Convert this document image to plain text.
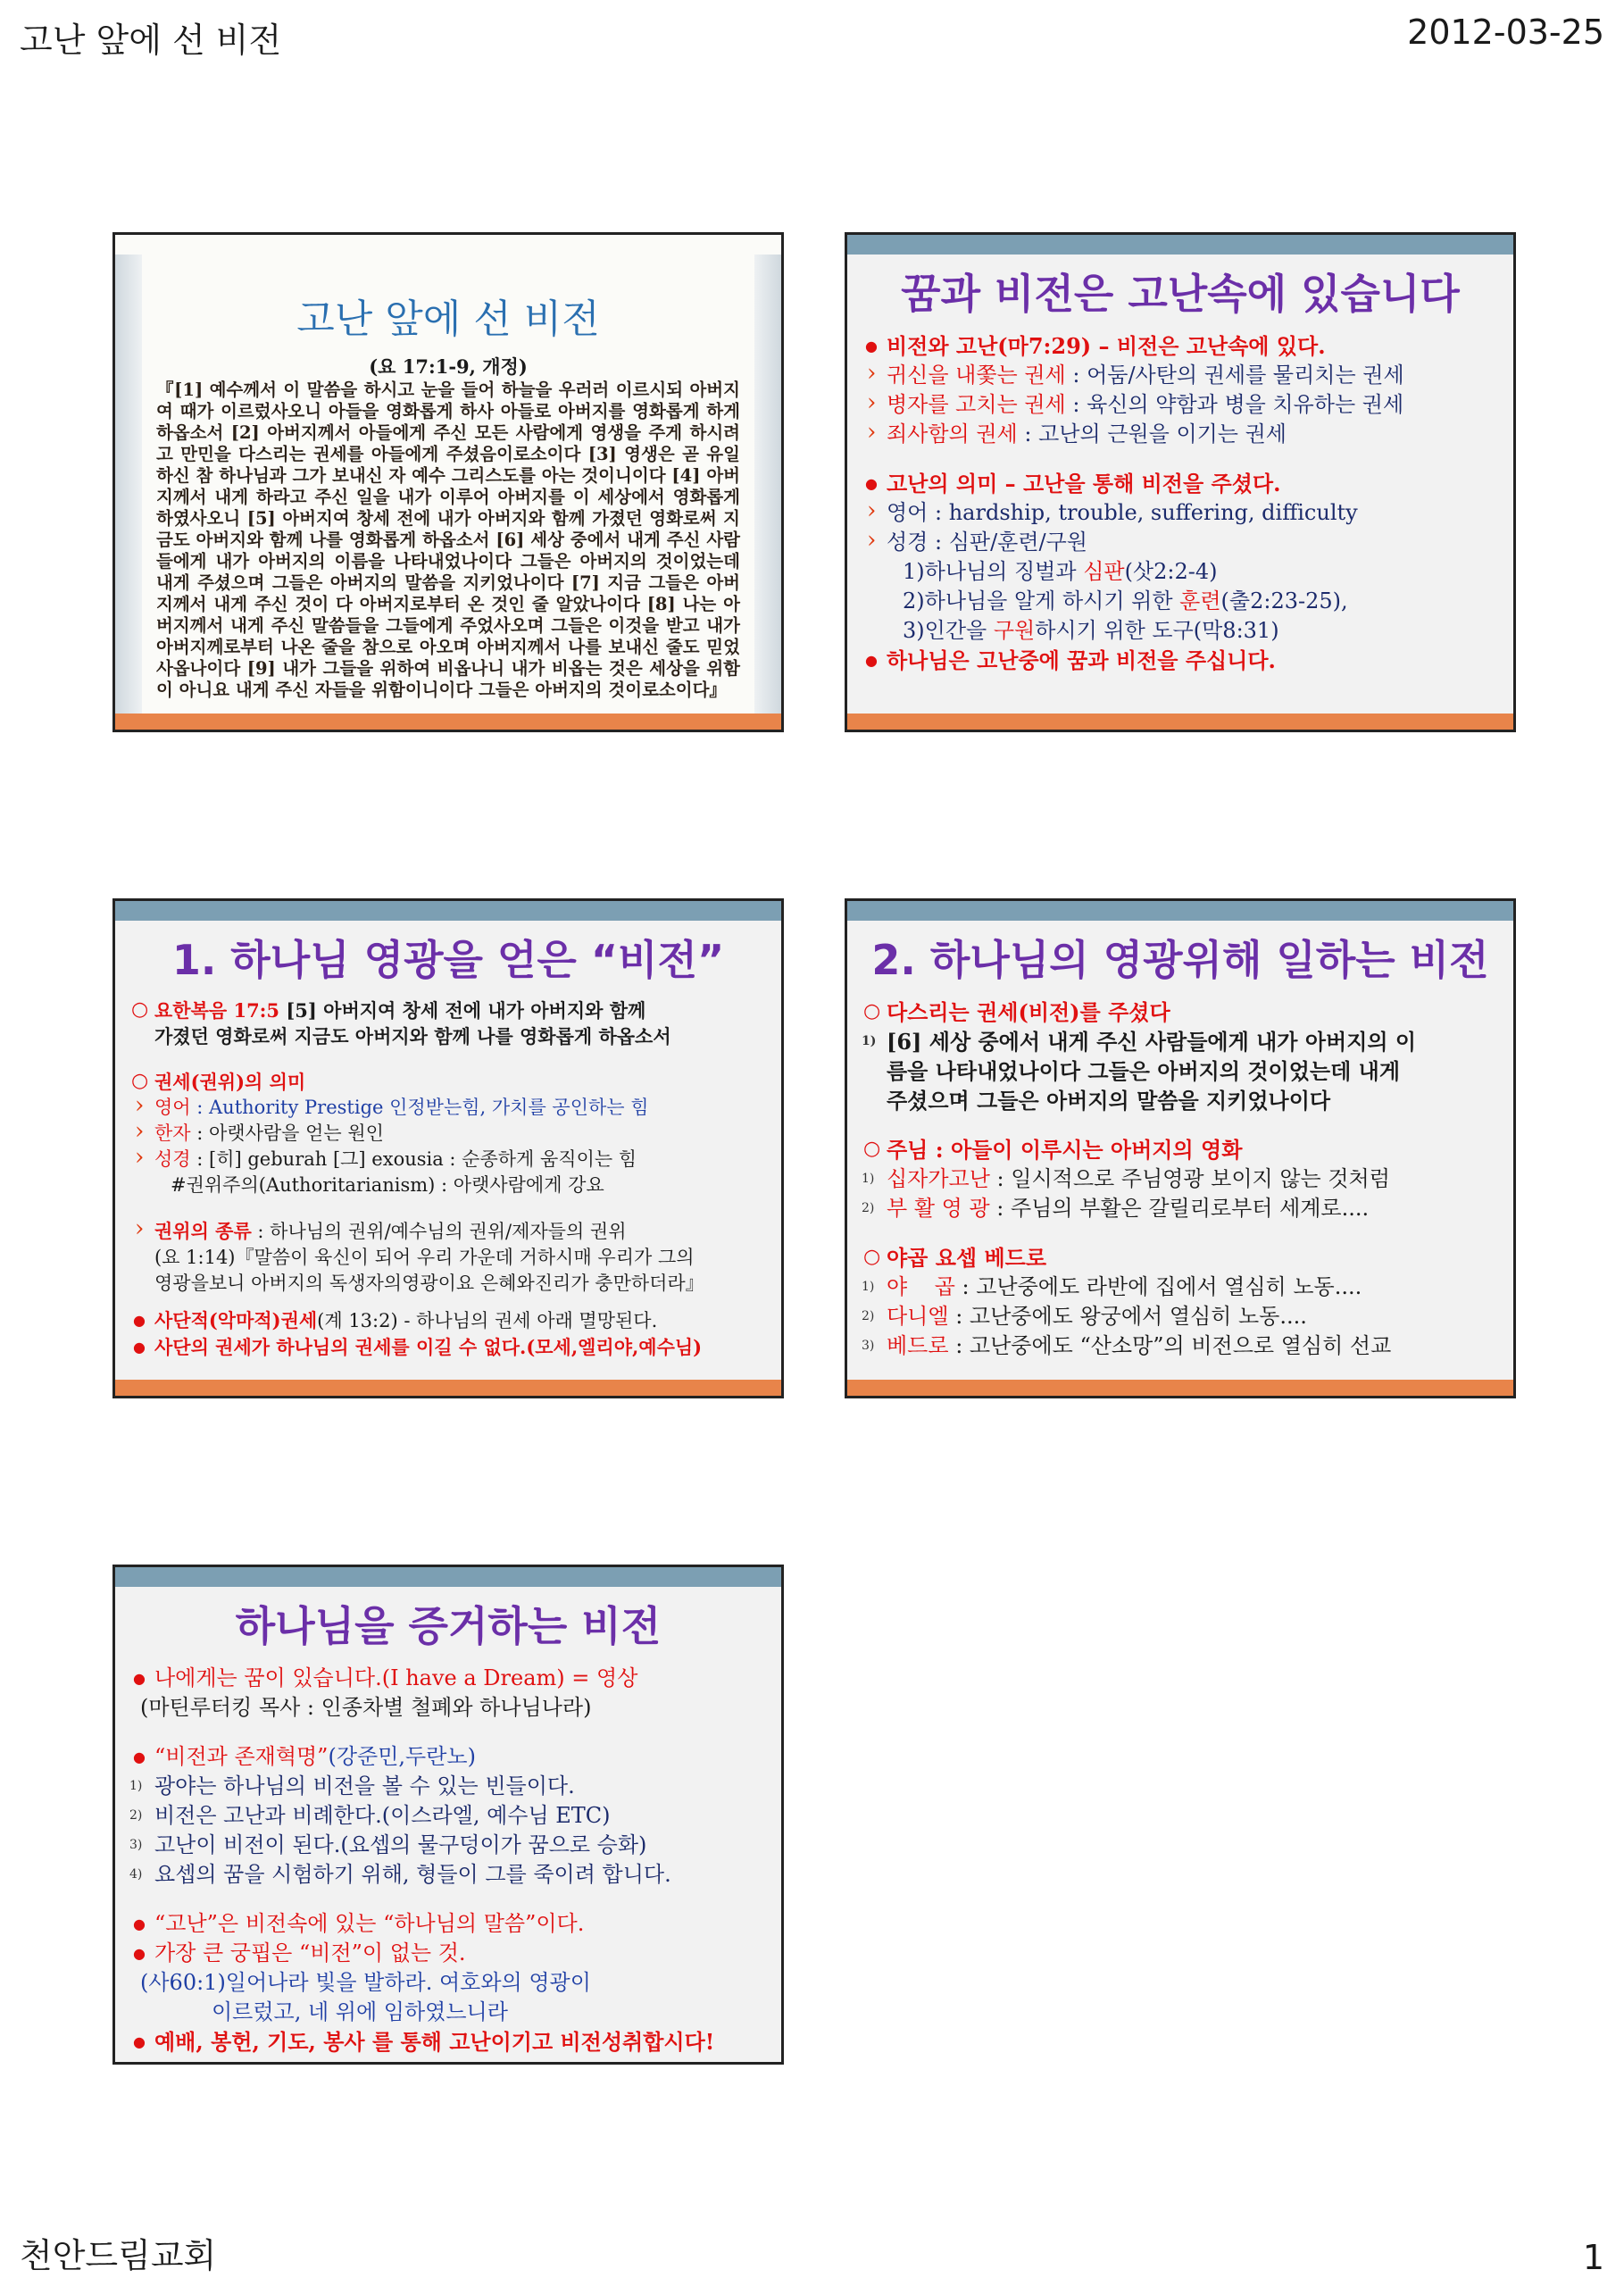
고난 앞에 선 비전	2012-03-25
고난 앞에 선 비전
(요 17:1-9, 개정)
『[1] 예수께서 이 말씀을 하시고 눈을 들어 하늘을 우러러 이르시되 아버지여 때가 이르렀사오니 아들을 영화롭게 하사 아들로 아버지를 영화롭게 하게 하옵소서 [2] 아버지께서 아들에게 주신 모든 사람에게 영생을 주게 하시려고 만민을 다스리는 권세를 아들에게 주셨음이로소이다 [3] 영생은 곧 유일하신 참 하나님과 그가 보내신 자 예수 그리스도를 아는 것이니이다 [4] 아버지께서 내게 하라고 주신 일을 내가 이루어 아버지를 이 세상에서 영화롭게 하였사오니 [5] 아버지여 창세 전에 내가 아버지와 함께 가졌던 영화로써 지금도 아버지와 함께 나를 영화롭게 하옵소서 [6] 세상 중에서 내게 주신 사람들에게 내가 아버지의 이름을 나타내었나이다 그들은 아버지의 것이었는데 내게 주셨으며 그들은 아버지의 말씀을 지키었나이다 [7] 지금 그들은 아버지께서 내게 주신 것이 다 아버지로부터 온 것인 줄 알았나이다 [8] 나는 아버지께서 내게 주신 말씀들을 그들에게 주었사오며 그들은 이것을 받고 내가 아버지께로부터 나온 줄을 참으로 아오며 아버지께서 나를 보내신 줄도 믿었사옵나이다 [9] 내가 그들을 위하여 비옵나니 내가 비옵는 것은 세상을 위함이 아니요 내게 주신 자들을 위함이니이다 그들은 아버지의 것이로소이다』
꿈과 비전은 고난속에 있습니다
● 비전와 고난(마7:29) – 비전은 고난속에 있다.
› 귀신을 내쫓는 권세 : 어둠/사탄의 권세를 물리치는 권세
› 병자를 고치는 권세 : 육신의 약함과 병을 치유하는 권세
› 죄사함의 권세 : 고난의 근원을 이기는 권세
● 고난의 의미 – 고난을 통해 비전을 주셨다.
› 영어 : hardship, trouble, suffering, difficulty
› 성경 : 심판/훈련/구원
1)하나님의 징벌과 심판(삿2:2-4)
2)하나님을 알게 하시기 위한 훈련(출2:23-25),
3)인간을 구원하시기 위한 도구(막8:31)
● 하나님은 고난중에 꿈과 비전을 주십니다.
1. 하나님 영광을 얻은 “비전”
○ 요한복음 17:5 [5] 아버지여 창세 전에 내가 아버지와 함께
가졌던 영화로써 지금도 아버지와 함께 나를 영화롭게 하옵소서
○ 권세(권위)의 의미
› 영어 : Authority Prestige 인정받는힘, 가치를 공인하는 힘
› 한자 : 아랫사람을 얻는 원인
› 성경 : [히] geburah [그] exousia : 순종하게 움직이는 힘
#권위주의(Authoritarianism) : 아랫사람에게 강요
› 권위의 종류 : 하나님의 권위/예수님의 권위/제자들의 권위
(요 1:14)『말씀이 육신이 되어 우리 가운데 거하시매 우리가 그의
영광을보니 아버지의 독생자의영광이요 은혜와진리가 충만하더라』
● 사단적(악마적)권세(계 13:2) - 하나님의 권세 아래 멸망된다.
● 사단의 권세가 하나님의 권세를 이길 수 없다.(모세,엘리야,예수님)
2. 하나님의 영광위해 일하는 비전
○ 다스리는 권세(비전)를 주셨다
1) [6] 세상 중에서 내게 주신 사람들에게 내가 아버지의 이
름을 나타내었나이다 그들은 아버지의 것이었는데 내게
주셨으며 그들은 아버지의 말씀을 지키었나이다
○ 주님 : 아들이 이루시는 아버지의 영화
1) 십자가고난 : 일시적으로 주님영광 보이지 않는 것처럼
2) 부 활 영 광 : 주님의 부활은 갈릴리로부터 세계로....
○ 야곱 요셉 베드로
1) 야    곱 : 고난중에도 라반에 집에서 열심히 노동....
2) 다니엘 : 고난중에도 왕궁에서 열심히 노동....
3) 베드로 : 고난중에도 “산소망”의 비전으로 열심히 선교
하나님을 증거하는 비전
● 나에게는 꿈이 있습니다.(I have a Dream) = 영상
(마틴루터킹 목사 : 인종차별 철폐와 하나님나라)
● “비전과 존재혁명”(강준민,두란노)
1) 광야는 하나님의 비전을 볼 수 있는 빈들이다.
2) 비전은 고난과 비례한다.(이스라엘, 예수님 ETC)
3) 고난이 비전이 된다.(요셉의 물구덩이가 꿈으로 승화)
4) 요셉의 꿈을 시험하기 위해, 형들이 그를 죽이려 합니다.
● “고난”은 비전속에 있는 “하나님의 말씀”이다.
● 가장 큰 궁핍은 “비전”이 없는 것.
(사60:1)일어나라 빛을 발하라. 여호와의 영광이
이르렀고, 네 위에 임하였느니라
● 예배, 봉헌, 기도, 봉사 를 통해 고난이기고 비전성취합시다!
천안드림교회	1
